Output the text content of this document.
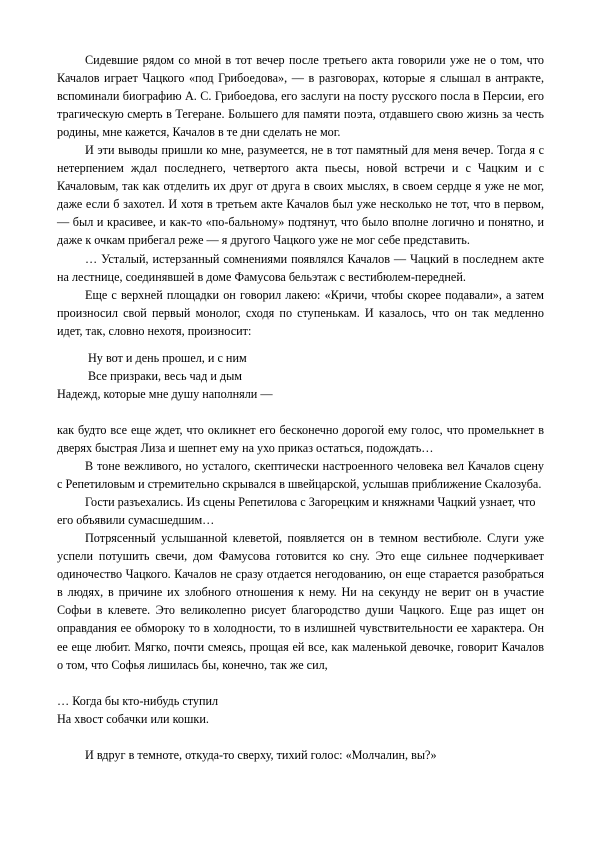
Сидевшие рядом со мной в тот вечер после третьего акта говорили уже не о том, что Качалов играет Чацкого «под Грибоедова», — в разговорах, которые я слышал в антракте, вспоминали биографию А. С. Грибоедова, его заслуги на посту русского посла в Персии, его трагическую смерть в Тегеране. Большего для памяти поэта, отдавшего свою жизнь за честь родины, мне кажется, Качалов в те дни сделать не мог.

И эти выводы пришли ко мне, разумеется, не в тот памятный для меня вечер. Тогда я с нетерпением ждал последнего, четвертого акта пьесы, новой встречи и с Чацким и с Качаловым, так как отделить их друг от друга в своих мыслях, в своем сердце я уже не мог, даже если б захотел. И хотя в третьем акте Качалов был уже несколько не тот, что в первом, — был и красивее, и как-то «по-бальному» подтянут, что было вполне логично и понятно, и даже к очкам прибегал реже — я другого Чацкого уже не мог себе представить.

… Усталый, истерзанный сомнениями появлялся Качалов — Чацкий в последнем акте на лестнице, соединявшей в доме Фамусова бельэтаж с вестибюлем-передней.

Еще с верхней площадки он говорил лакею: «Кричи, чтобы скорее подавали», а затем произносил свой первый монолог, сходя по ступенькам. И казалось, что он так медленно идет, так, словно нехотя, произносит:

Ну вот и день прошел, и с ним
Все призраки, весь чад и дым
Надежд, которые мне душу наполняли —

как будто все еще ждет, что окликнет его бесконечно дорогой ему голос, что промелькнет в дверях быстрая Лиза и шепнет ему на ухо приказ остаться, подождать…

В тоне вежливого, но усталого, скептически настроенного человека вел Качалов сцену с Репетиловым и стремительно скрывался в швейцарской, услышав приближение Скалозуба.

Гости разъехались. Из сцены Репетилова с Загорецким и княжнами Чацкий узнает, что его объявили сумасшедшим…

Потрясенный услышанной клеветой, появляется он в темном вестибюле. Слуги уже успели потушить свечи, дом Фамусова готовится ко сну. Это еще сильнее подчеркивает одиночество Чацкого. Качалов не сразу отдается негодованию, он еще старается разобраться в людях, в причине их злобного отношения к нему. Ни на секунду не верит он в участие Софьи в клевете. Это великолепно рисует благородство души Чацкого. Еще раз ищет он оправдания ее обмороку то в холодности, то в излишней чувствительности ее характера. Он ее еще любит. Мягко, почти смеясь, прощая ей все, как маленькой девочке, говорит Качалов о том, что Софья лишилась бы, конечно, так же сил,

… Когда бы кто-нибудь ступил
На хвост собачки или кошки.

И вдруг в темноте, откуда-то сверху, тихий голос: «Молчалин, вы?»
